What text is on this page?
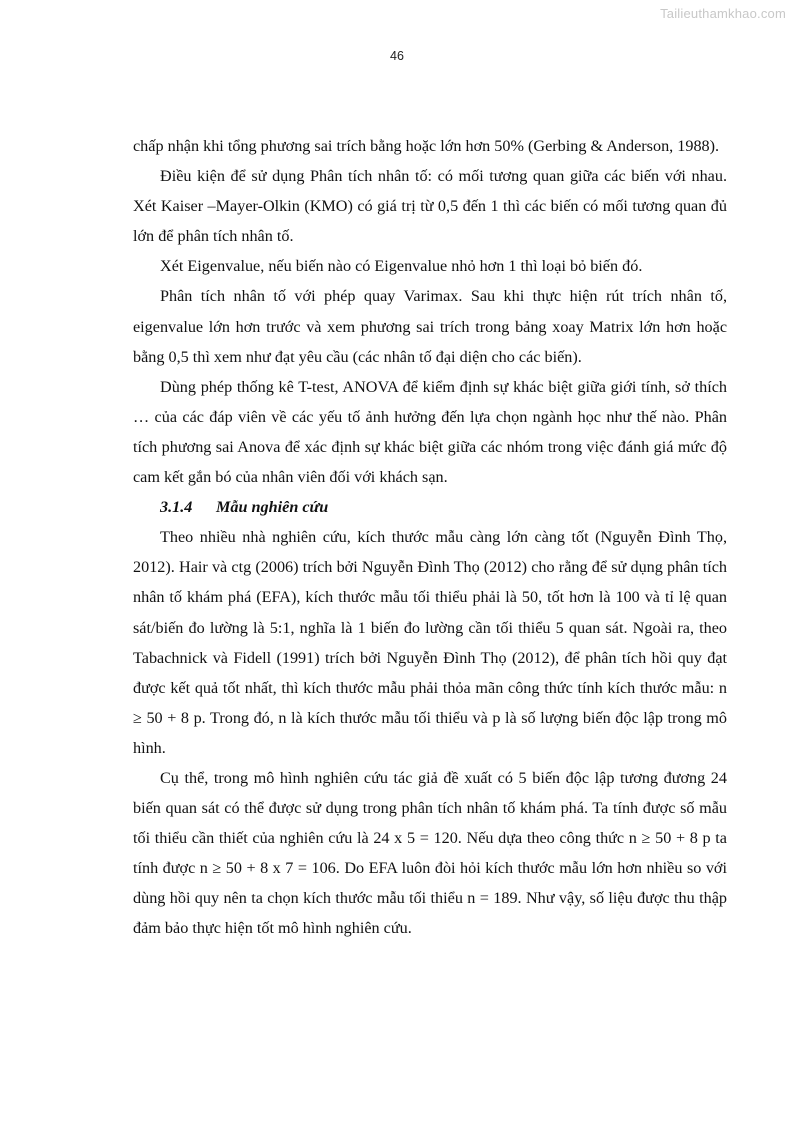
Tailieuthamkhao.com
46

chấp nhận khi tổng phương sai trích bằng hoặc lớn hơn 50% (Gerbing & Anderson, 1988).

Điều kiện để sử dụng Phân tích nhân tố: có mối tương quan giữa các biến với nhau. Xét Kaiser –Mayer-Olkin (KMO) có giá trị từ 0,5 đến 1 thì các biến có mối tương quan đủ lớn để phân tích nhân tố.

Xét Eigenvalue, nếu biến nào có Eigenvalue nhỏ hơn 1 thì loại bỏ biến đó.

Phân tích nhân tố với phép quay Varimax. Sau khi thực hiện rút trích nhân tố, eigenvalue lớn hơn trước và xem phương sai trích trong bảng xoay Matrix lớn hơn hoặc bằng 0,5 thì xem như đạt yêu cầu (các nhân tố đại diện cho các biến).

Dùng phép thống kê T-test, ANOVA để kiểm định sự khác biệt giữa giới tính, sở thích … của các đáp viên về các yếu tố ảnh hưởng đến lựa chọn ngành học như thế nào. Phân tích phương sai Anova để xác định sự khác biệt giữa các nhóm trong việc đánh giá mức độ cam kết gắn bó của nhân viên đối với khách sạn.

3.1.4 Mẫu nghiên cứu

Theo nhiều nhà nghiên cứu, kích thước mẫu càng lớn càng tốt (Nguyễn Đình Thọ, 2012). Hair và ctg (2006) trích bởi Nguyễn Đình Thọ (2012) cho rằng để sử dụng phân tích nhân tố khám phá (EFA), kích thước mẫu tối thiểu phải là 50, tốt hơn là 100 và tỉ lệ quan sát/biến đo lường là 5:1, nghĩa là 1 biến đo lường cần tối thiểu 5 quan sát. Ngoài ra, theo Tabachnick và Fidell (1991) trích bởi Nguyễn Đình Thọ (2012), để phân tích hồi quy đạt được kết quả tốt nhất, thì kích thước mẫu phải thỏa mãn công thức tính kích thước mẫu: n ≥ 50 + 8 p. Trong đó, n là kích thước mẫu tối thiểu và p là số lượng biến độc lập trong mô hình.

Cụ thể, trong mô hình nghiên cứu tác giả đề xuất có 5 biến độc lập tương đương 24 biến quan sát có thể được sử dụng trong phân tích nhân tố khám phá. Ta tính được số mẫu tối thiểu cần thiết của nghiên cứu là 24 x 5 = 120. Nếu dựa theo công thức n ≥ 50 + 8 p ta tính được n ≥ 50 + 8 x 7 = 106. Do EFA luôn đòi hỏi kích thước mẫu lớn hơn nhiều so với dùng hồi quy nên ta chọn kích thước mẫu tối thiểu n = 189. Như vậy, số liệu được thu thập đảm bảo thực hiện tốt mô hình nghiên cứu.
